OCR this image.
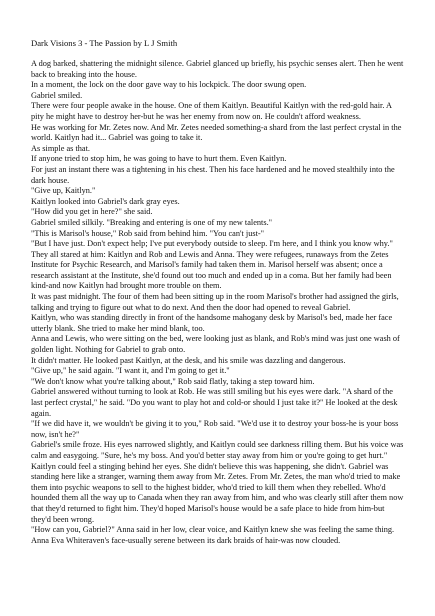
Dark Visions 3 - The Passion by L J Smith

A dog barked, shattering the midnight silence. Gabriel glanced up briefly, his psychic senses alert. Then he went back to breaking into the house.

In a moment, the lock on the door gave way to his lockpick. The door swung open.

Gabriel smiled.

There were four people awake in the house. One of them Kaitlyn. Beautiful Kaitlyn with the red-gold hair. A pity he might have to destroy her-but he was her enemy from now on. He couldn't afford weakness.

He was working for Mr. Zetes now. And Mr. Zetes needed something-a shard from the last perfect crystal in the world. Kaitlyn had it... Gabriel was going to take it.

As simple as that.

If anyone tried to stop him, he was going to have to hurt them. Even Kaitlyn.

For just an instant there was a tightening in his chest. Then his face hardened and he moved stealthily into the dark house.

"Give up, Kaitlyn."

Kaitlyn looked into Gabriel's dark gray eyes.

"How did you get in here?" she said.

Gabriel smiled silkily. "Breaking and entering is one of my new talents."

"This is Marisol's house," Rob said from behind him. "You can't just-"

"But I have just. Don't expect help; I've put everybody outside to sleep. I'm here, and I think you know why."

They all stared at him: Kaitlyn and Rob and Lewis and Anna. They were refugees, runaways from the Zetes Institute for Psychic Research, and Marisol's family had taken them in. Marisol herself was absent; once a research assistant at the Institute, she'd found out too much and ended up in a coma. But her family had been kind-and now Kaitlyn had brought more trouble on them.

It was past midnight. The four of them had been sitting up in the room Marisol's brother had assigned the girls, talking and trying to figure out what to do next. And then the door had opened to reveal Gabriel.

Kaitlyn, who was standing directly in front of the handsome mahogany desk by Marisol's bed, made her face utterly blank. She tried to make her mind blank, too.

Anna and Lewis, who were sitting on the bed, were looking just as blank, and Rob's mind was just one wash of golden light. Nothing for Gabriel to grab onto.

It didn't matter. He looked past Kaitlyn, at the desk, and his smile was dazzling and dangerous.

"Give up," he said again. "I want it, and I'm going to get it."

"We don't know what you're talking about," Rob said flatly, taking a step toward him.

Gabriel answered without turning to look at Rob. He was still smiling but his eyes were dark. "A shard of the last perfect crystal," he said. "Do you want to play hot and cold-or should I just take it?" He looked at the desk again.

"If we did have it, we wouldn't be giving it to you," Rob said. "We'd use it to destroy your boss-he is your boss now, isn't he?"

Gabriel's smile froze. His eyes narrowed slightly, and Kaitlyn could see darkness rilling them. But his voice was calm and easygoing. "Sure, he's my boss. And you'd better stay away from him or you're going to get hurt."

Kaitlyn could feel a stinging behind her eyes. She didn't believe this was happening, she didn't. Gabriel was standing here like a stranger, warning them away from Mr. Zetes. From Mr. Zetes, the man who'd tried to make them into psychic weapons to sell to the highest bidder, who'd tried to kill them when they rebelled. Who'd hounded them all the way up to Canada when they ran away from him, and who was clearly still after them now that they'd returned to fight him. They'd hoped Marisol's house would be a safe place to hide from him-but they'd been wrong.

"How can you, Gabriel?" Anna said in her low, clear voice, and Kaitlyn knew she was feeling the same thing. Anna Eva Whiteraven's face-usually serene between its dark braids of hair-was now clouded.
